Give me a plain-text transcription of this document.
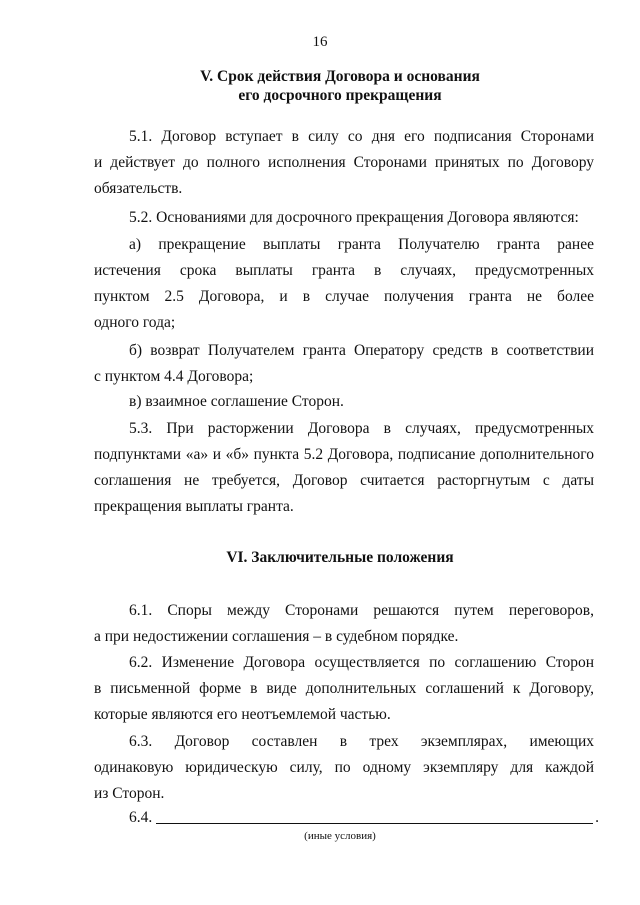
16
V. Срок действия Договора и основания
его досрочного прекращения

5.1. Договор вступает в силу со дня его подписания Сторонами
и действует до полного исполнения Сторонами принятых по Договору
обязательств.

5.2. Основаниями для досрочного прекращения Договора являются:

а) прекращение выплаты гранта Получателю гранта ранее
истечения срока выплаты гранта в случаях, предусмотренных
пунктом 2.5 Договора, и в случае получения гранта не более
одного года;

б) возврат Получателем гранта Оператору средств в соответствии
с пунктом 4.4 Договора;

в) взаимное соглашение Сторон.

5.3. При расторжении Договора в случаях, предусмотренных
подпунктами «а» и «б» пункта 5.2 Договора, подписание дополнительного
соглашения не требуется, Договор считается расторгнутым с даты
прекращения выплаты гранта.

VI. Заключительные положения

6.1. Споры между Сторонами решаются путем переговоров,
а при недостижении соглашения – в судебном порядке.

6.2. Изменение Договора осуществляется по соглашению Сторон
в письменной форме в виде дополнительных соглашений к Договору,
которые являются его неотъемлемой частью.

6.3. Договор составлен в трех экземплярах, имеющих
одинаковую юридическую силу, по одному экземпляру для каждой
из Сторон.

6.4.	.
(иные условия)
